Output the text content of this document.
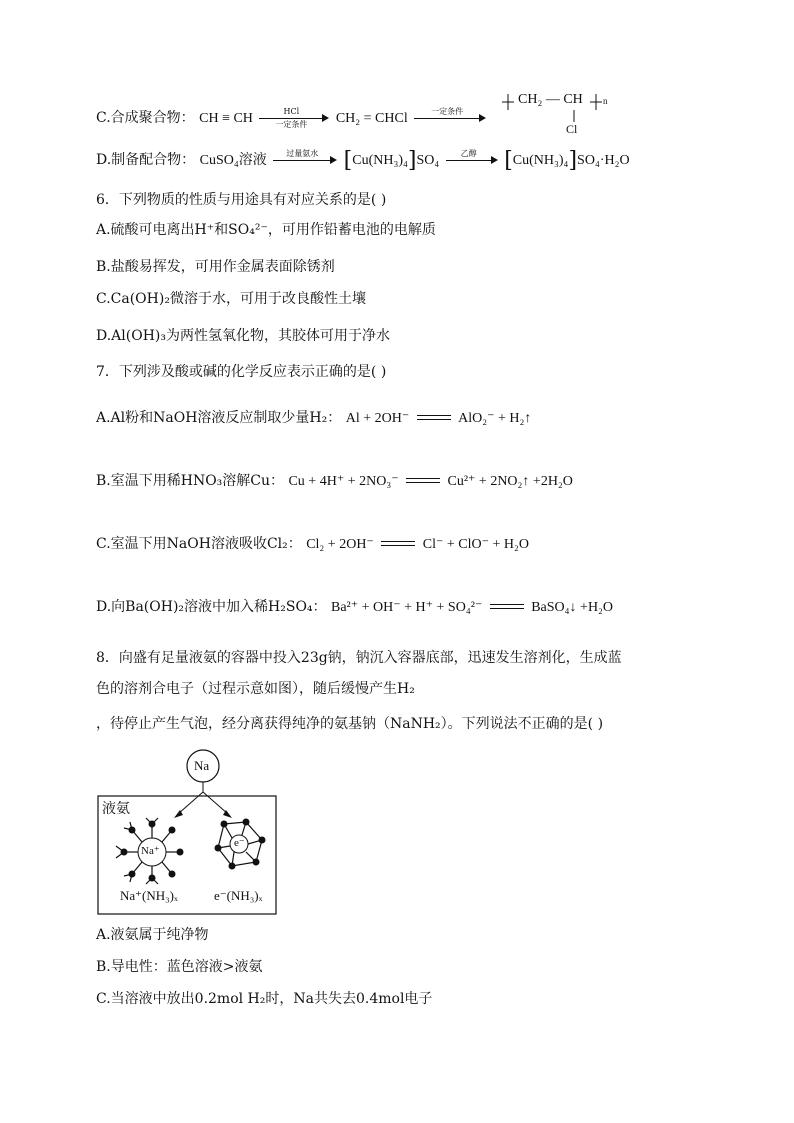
C.合成聚合物： CH ≡ CH	HCl
一定条件	CH₂ = CHCl	一定条件
CH₂ — CH n
Cl
D.制备配合物： CuSO₄溶液	过量氨水	[Cu(NH₃)₄]SO₄	乙醇	[Cu(NH₃)₄]SO₄·H₂O
6．下列物质的性质与用途具有对应关系的是( )
A.硫酸可电离出H⁺和SO₄²⁻，可用作铅蓄电池的电解质
B.盐酸易挥发，可用作金属表面除锈剂
C.Ca(OH)₂微溶于水，可用于改良酸性土壤
D.Al(OH)₃为两性氢氧化物，其胶体可用于净水
7．下列涉及酸或碱的化学反应表示正确的是( )
A.Al粉和NaOH溶液反应制取少量H₂： Al + 2OH⁻	AlO₂⁻ + H₂↑
B.室温下用稀HNO₃溶解Cu： Cu + 4H⁺ + 2NO₃⁻	Cu²⁺ + 2NO₂↑ +2H₂O
C.室温下用NaOH溶液吸收Cl₂： Cl₂ + 2OH⁻	Cl⁻ + ClO⁻ + H₂O
D.向Ba(OH)₂溶液中加入稀H₂SO₄： Ba²⁺ + OH⁻ + H⁺ + SO₄²⁻	BaSO₄↓ +H₂O
8．向盛有足量液氨的容器中投入23g钠，钠沉入容器底部，迅速发生溶剂化，生成蓝
色的溶剂合电子（过程示意如图），随后缓慢产生H₂
，待停止产生气泡，经分离获得纯净的氨基钠（NaNH₂）。下列说法不正确的是( )
Na
液氨
Na⁺
e⁻
Na⁺(NH₃)ₓ	e⁻(NH₃)ₓ
A.液氨属于纯净物
B.导电性：蓝色溶液>液氨
C.当溶液中放出0.2mol H₂时，Na共失去0.4mol电子
